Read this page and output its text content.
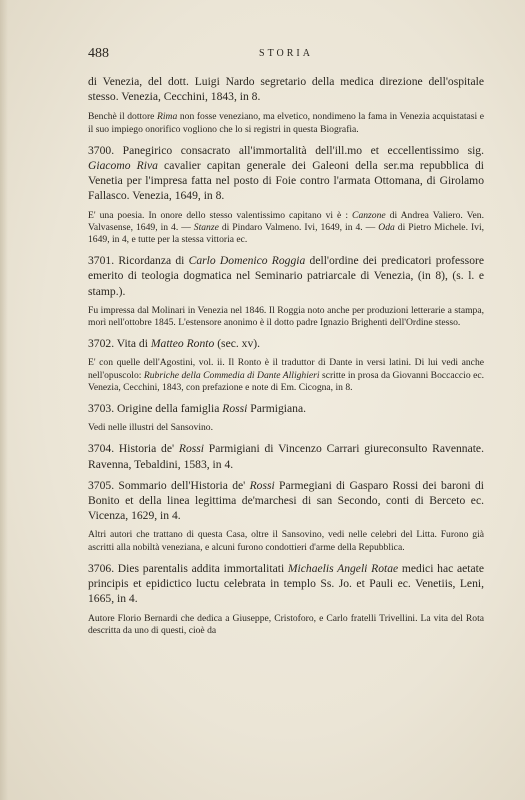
488	STORIA

di Venezia, del dott. Luigi Nardo segretario della medica direzione dell'ospitale stesso. Venezia, Cecchini, 1843, in 8.

Benchè il dottore Rima non fosse veneziano, ma elvetico, nondimeno la fama in Venezia acquistatasi e il suo impiego onorifico vogliono che lo si registri in questa Biografia.

3700. Panegirico consacrato all'immortalità dell'ill.mo et eccellentissimo sig. Giacomo Riva cavalier capitan generale dei Galeoni della ser.ma repubblica di Venetia per l'impresa fatta nel posto di Foie contro l'armata Ottomana, di Girolamo Fallasco. Venezia, 1649, in 8.

E' una poesia. In onore dello stesso valentissimo capitano vi è : Canzone di Andrea Valiero. Ven. Valvasense, 1649, in 4. — Stanze di Pindaro Valmeno. Ivi, 1649, in 4. — Oda di Pietro Michele. Ivi, 1649, in 4, e tutte per la stessa vittoria ec.

3701. Ricordanza di Carlo Domenico Roggia dell'ordine dei predicatori professore emerito di teologia dogmatica nel Seminario patriarcale di Venezia, (in 8), (s. l. e stamp.).

Fu impressa dal Molinari in Venezia nel 1846. Il Roggia noto anche per produzioni letterarie a stampa, morì nell'ottobre 1845. L'estensore anonimo è il dotto padre Ignazio Brighenti dell'Ordine stesso.

3702. Vita di Matteo Ronto (sec. xv).

E' con quelle dell'Agostini, vol. ii. Il Ronto è il traduttor di Dante in versi latini. Di lui vedi anche nell'opuscolo: Rubriche della Commedia di Dante Allighieri scritte in prosa da Giovanni Boccaccio ec. Venezia, Cecchini, 1843, con prefazione e note di Em. Cicogna, in 8.

3703. Origine della famiglia Rossi Parmigiana.

Vedi nelle illustri del Sansovino.

3704. Historia de' Rossi Parmigiani di Vincenzo Carrari giureconsulto Ravennate. Ravenna, Tebaldini, 1583, in 4.

3705. Sommario dell'Historia de' Rossi Parmegiani di Gasparo Rossi dei baroni di Bonito et della linea legittima de'marchesi di san Secondo, conti di Berceto ec. Vicenza, 1629, in 4.

Altri autori che trattano di questa Casa, oltre il Sansovino, vedi nelle celebri del Litta. Furono già ascritti alla nobiltà veneziana, e alcuni furono condottieri d'arme della Repubblica.

3706. Dies parentalis addita immortalitati Michaelis Angeli Rotae medici hac aetate principis et epidictico luctu celebrata in templo Ss. Jo. et Pauli ec. Venetiis, Leni, 1665, in 4.

Autore Florio Bernardi che dedica a Giuseppe, Cristoforo, e Carlo fratelli Trivellini. La vita del Rota descritta da uno di questi, cioè da
